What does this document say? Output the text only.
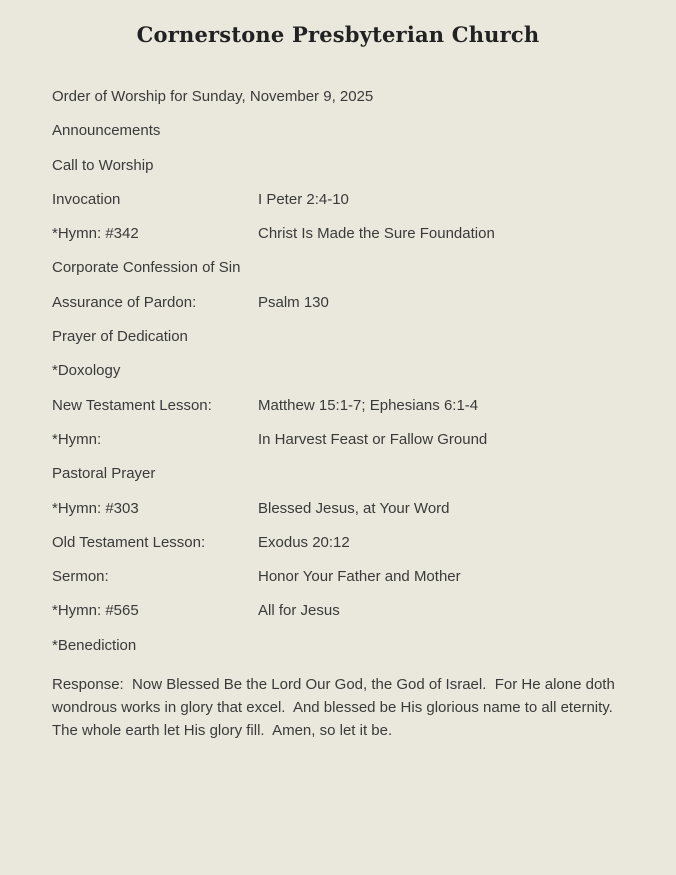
Cornerstone Presbyterian Church
Order of Worship for Sunday, November 9, 2025
Announcements
Call to Worship
Invocation	I Peter 2:4-10
*Hymn: #342	Christ Is Made the Sure Foundation
Corporate Confession of Sin
Assurance of Pardon:	Psalm 130
Prayer of Dedication
*Doxology
New Testament Lesson:	Matthew 15:1-7; Ephesians 6:1-4
*Hymn:	In Harvest Feast or Fallow Ground
Pastoral Prayer
*Hymn: #303	Blessed Jesus, at Your Word
Old Testament Lesson:	Exodus 20:12
Sermon:	Honor Your Father and Mother
*Hymn: #565	All for Jesus
*Benediction

Response:  Now Blessed Be the Lord Our God, the God of Israel.  For He alone doth wondrous works in glory that excel.  And blessed be His glorious name to all eternity.  The whole earth let His glory fill.  Amen, so let it be.
